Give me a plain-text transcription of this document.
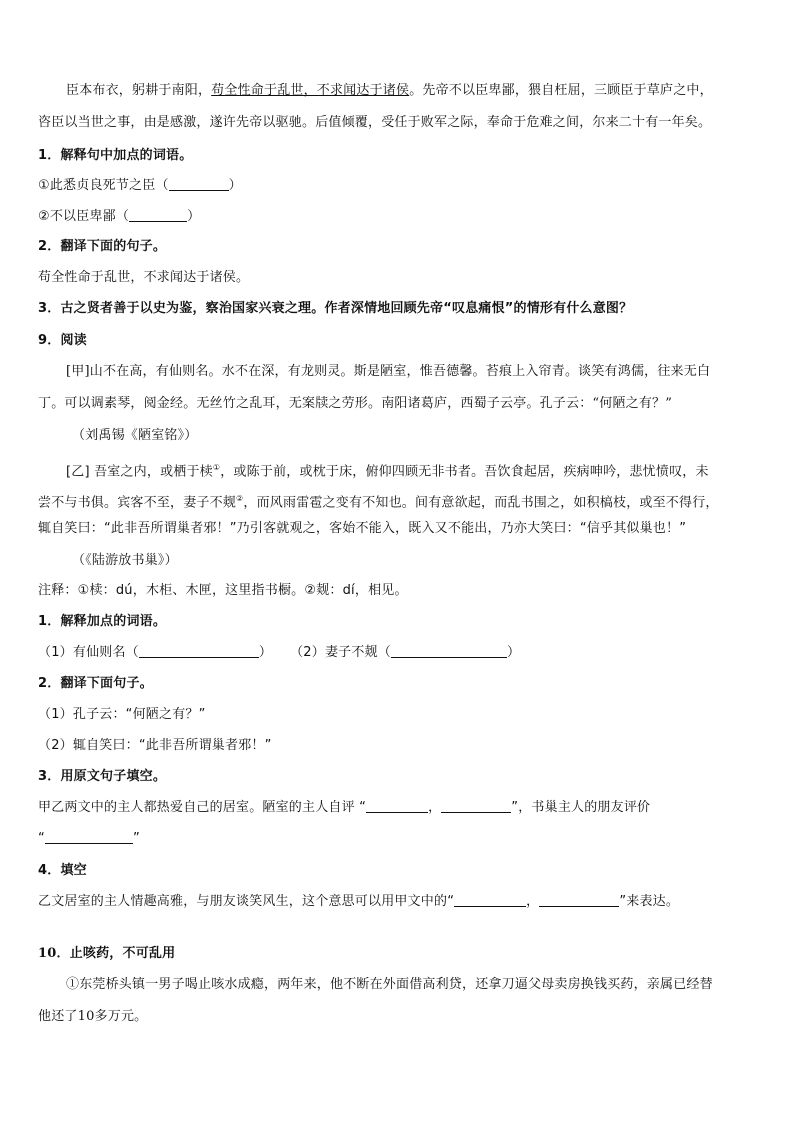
臣本布衣，躬耕于南阳，苟全性命于乱世，不求闻达于诸侯。先帝不以臣卑鄙，猥自枉屈，三顾臣于草庐之中，
咨臣以当世之事，由是感激，遂许先帝以驱驰。后值倾覆，受任于败军之际，奉命于危难之间，尔来二十有一年矣。
1．解释句中加点的词语。
①此悉贞良死节之臣（	）
②不以臣卑鄙（	）
2．翻译下面的句子。
苟全性命于乱世，不求闻达于诸侯。
3．古之贤者善于以史为鉴，察治国家兴衰之理。作者深情地回顾先帝“叹息痛恨”的情形有什么意图？
9．阅读
[甲]山不在高，有仙则名。水不在深，有龙则灵。斯是陋室，惟吾德馨。苔痕上入帘青。谈笑有鸿儒，往来无白
丁。可以调素琴，阅金经。无丝竹之乱耳，无案牍之劳形。南阳诸葛庐，西蜀子云亭。孔子云：“何陋之有？”
（刘禹锡《陋室铭》）
[乙] 吾室之内，或栖于椟①，或陈于前，或枕于床，俯仰四顾无非书者。吾饮食起居，疾病呻吟，悲忧愤叹，未
尝不与书俱。宾客不至，妻子不觌②，而风雨雷雹之变有不知也。间有意欲起，而乱书围之，如积槁枝，或至不得行，
辄自笑曰：“此非吾所谓巢者邪！”乃引客就观之，客始不能入，既入又不能出，乃亦大笑曰：“信乎其似巢也！”
（《陆游放书巢》）
注释：①椟：dú，木柜、木匣，这里指书橱。②觌：dí，相见。
1．解释加点的词语。
（1）有仙则名（	） （2）妻子不觌（	）
2．翻译下面句子。
（1）孔子云：“何陋之有？”
（2）辄自笑曰：“此非吾所谓巢者邪！”
3．用原文句子填空。
甲乙两文中的主人都热爱自己的居室。陋室的主人自评 “	，	”，书巢主人的朋友评价
“	”
4．填空
乙文居室的主人情趣高雅，与朋友谈笑风生，这个意思可以用甲文中的“	，	”来表达。
10．止咳药，不可乱用
①东莞桥头镇一男子喝止咳水成瘾，两年来，他不断在外面借高利贷，还拿刀逼父母卖房换钱买药，亲属已经替
他还了10多万元。
